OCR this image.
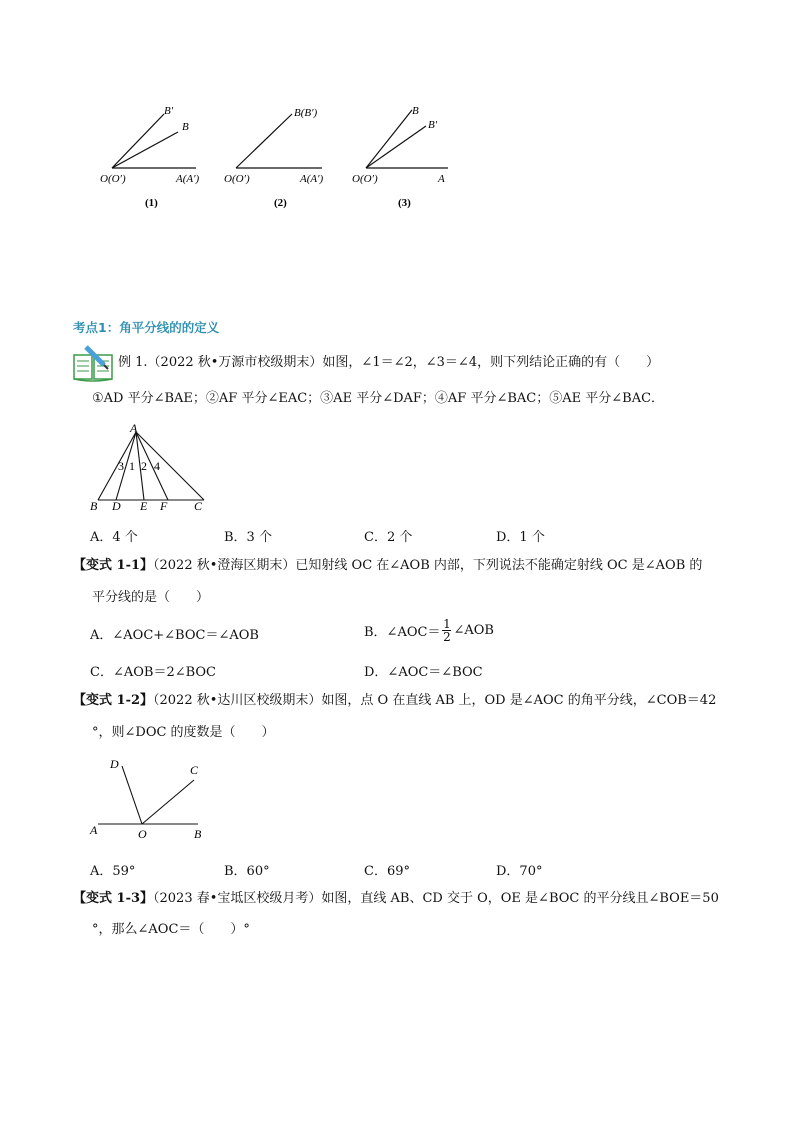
B′
B
O(O′)	A(A′)
(1)
B(B′)
O(O′)	A(A′)
(2)
B
B′
O(O′)	A
(3)
考点1：角平分线的的定义
例 1.（2022 秋•万源市校级期末）如图，∠1＝∠2，∠3＝∠4，则下列结论正确的有（　　）
①AD 平分∠BAE；②AF 平分∠EAC；③AE 平分∠DAF；④AF 平分∠BAC；⑤AE 平分∠BAC．
A
B D E F C
3 1 2 4
A．4 个	B．3 个	C．2 个	D．1 个
【变式 1-1】（2022 秋•澄海区期末）已知射线 OC 在∠AOB 内部，下列说法不能确定射线 OC 是∠AOB 的
平分线的是（　　）
A．∠AOC+∠BOC＝∠AOB	B．∠AOC＝
1
2 ∠AOB
C．∠AOB＝2∠BOC	D．∠AOC＝∠BOC
【变式 1-2】（2022 秋•达川区校级期末）如图，点 O 在直线 AB 上，OD 是∠AOC 的角平分线，∠COB＝42
°，则∠DOC 的度数是（　　）
D	C
A	O	B
A．59°	B．60°	C．69°	D．70°
【变式 1-3】（2023 春•宝坻区校级月考）如图，直线 AB、CD 交于 O，OE 是∠BOC 的平分线且∠BOE＝50
°，那么∠AOC＝（　　）°
